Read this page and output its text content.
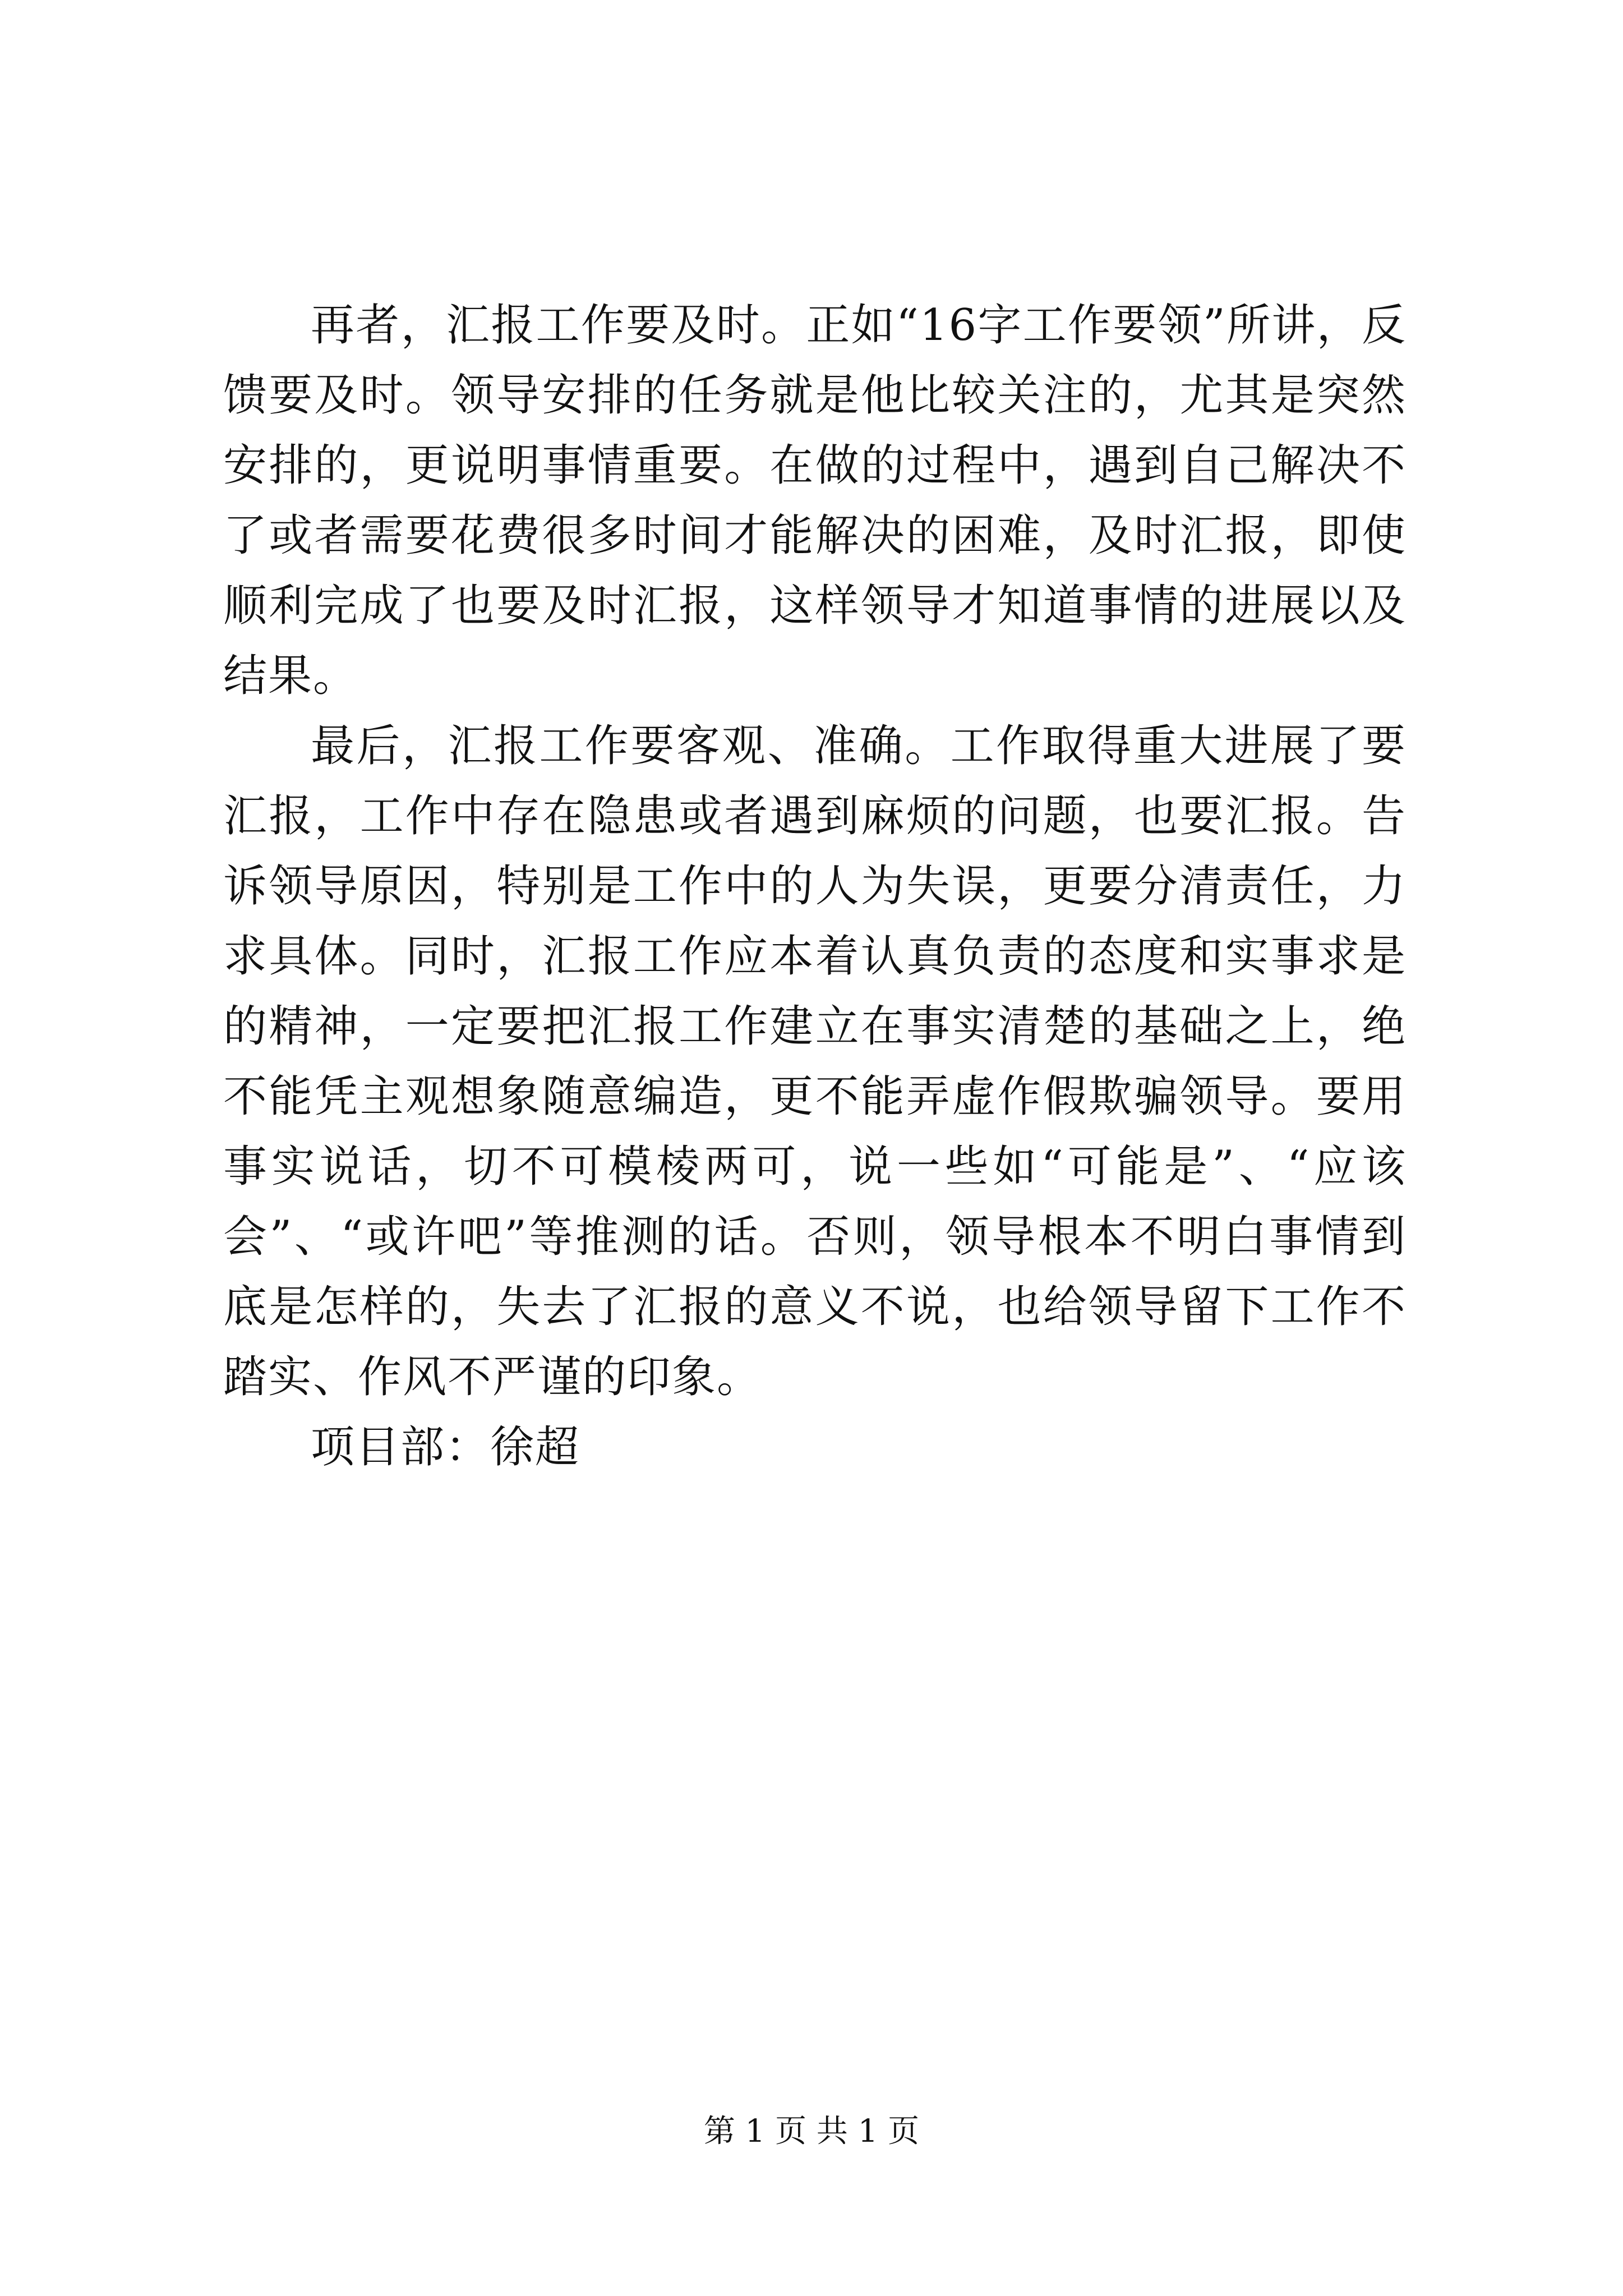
再者，汇报工作要及时。正如“16字工作要领”所讲，反馈要及时。领导安排的任务就是他比较关注的，尤其是突然安排的，更说明事情重要。在做的过程中，遇到自己解决不了或者需要花费很多时间才能解决的困难，及时汇报，即使顺利完成了也要及时汇报，这样领导才知道事情的进展以及结果。

最后，汇报工作要客观、准确。工作取得重大进展了要汇报，工作中存在隐患或者遇到麻烦的问题，也要汇报。告诉领导原因，特别是工作中的人为失误，更要分清责任，力求具体。同时，汇报工作应本着认真负责的态度和实事求是的精神，一定要把汇报工作建立在事实清楚的基础之上，绝不能凭主观想象随意编造，更不能弄虚作假欺骗领导。要用事实说话，切不可模棱两可，说一些如“可能是”、“应该会”、“或许吧”等推测的话。否则，领导根本不明白事情到底是怎样的，失去了汇报的意义不说，也给领导留下工作不踏实、作风不严谨的印象。

项目部：徐超

第 1 页 共 1 页
